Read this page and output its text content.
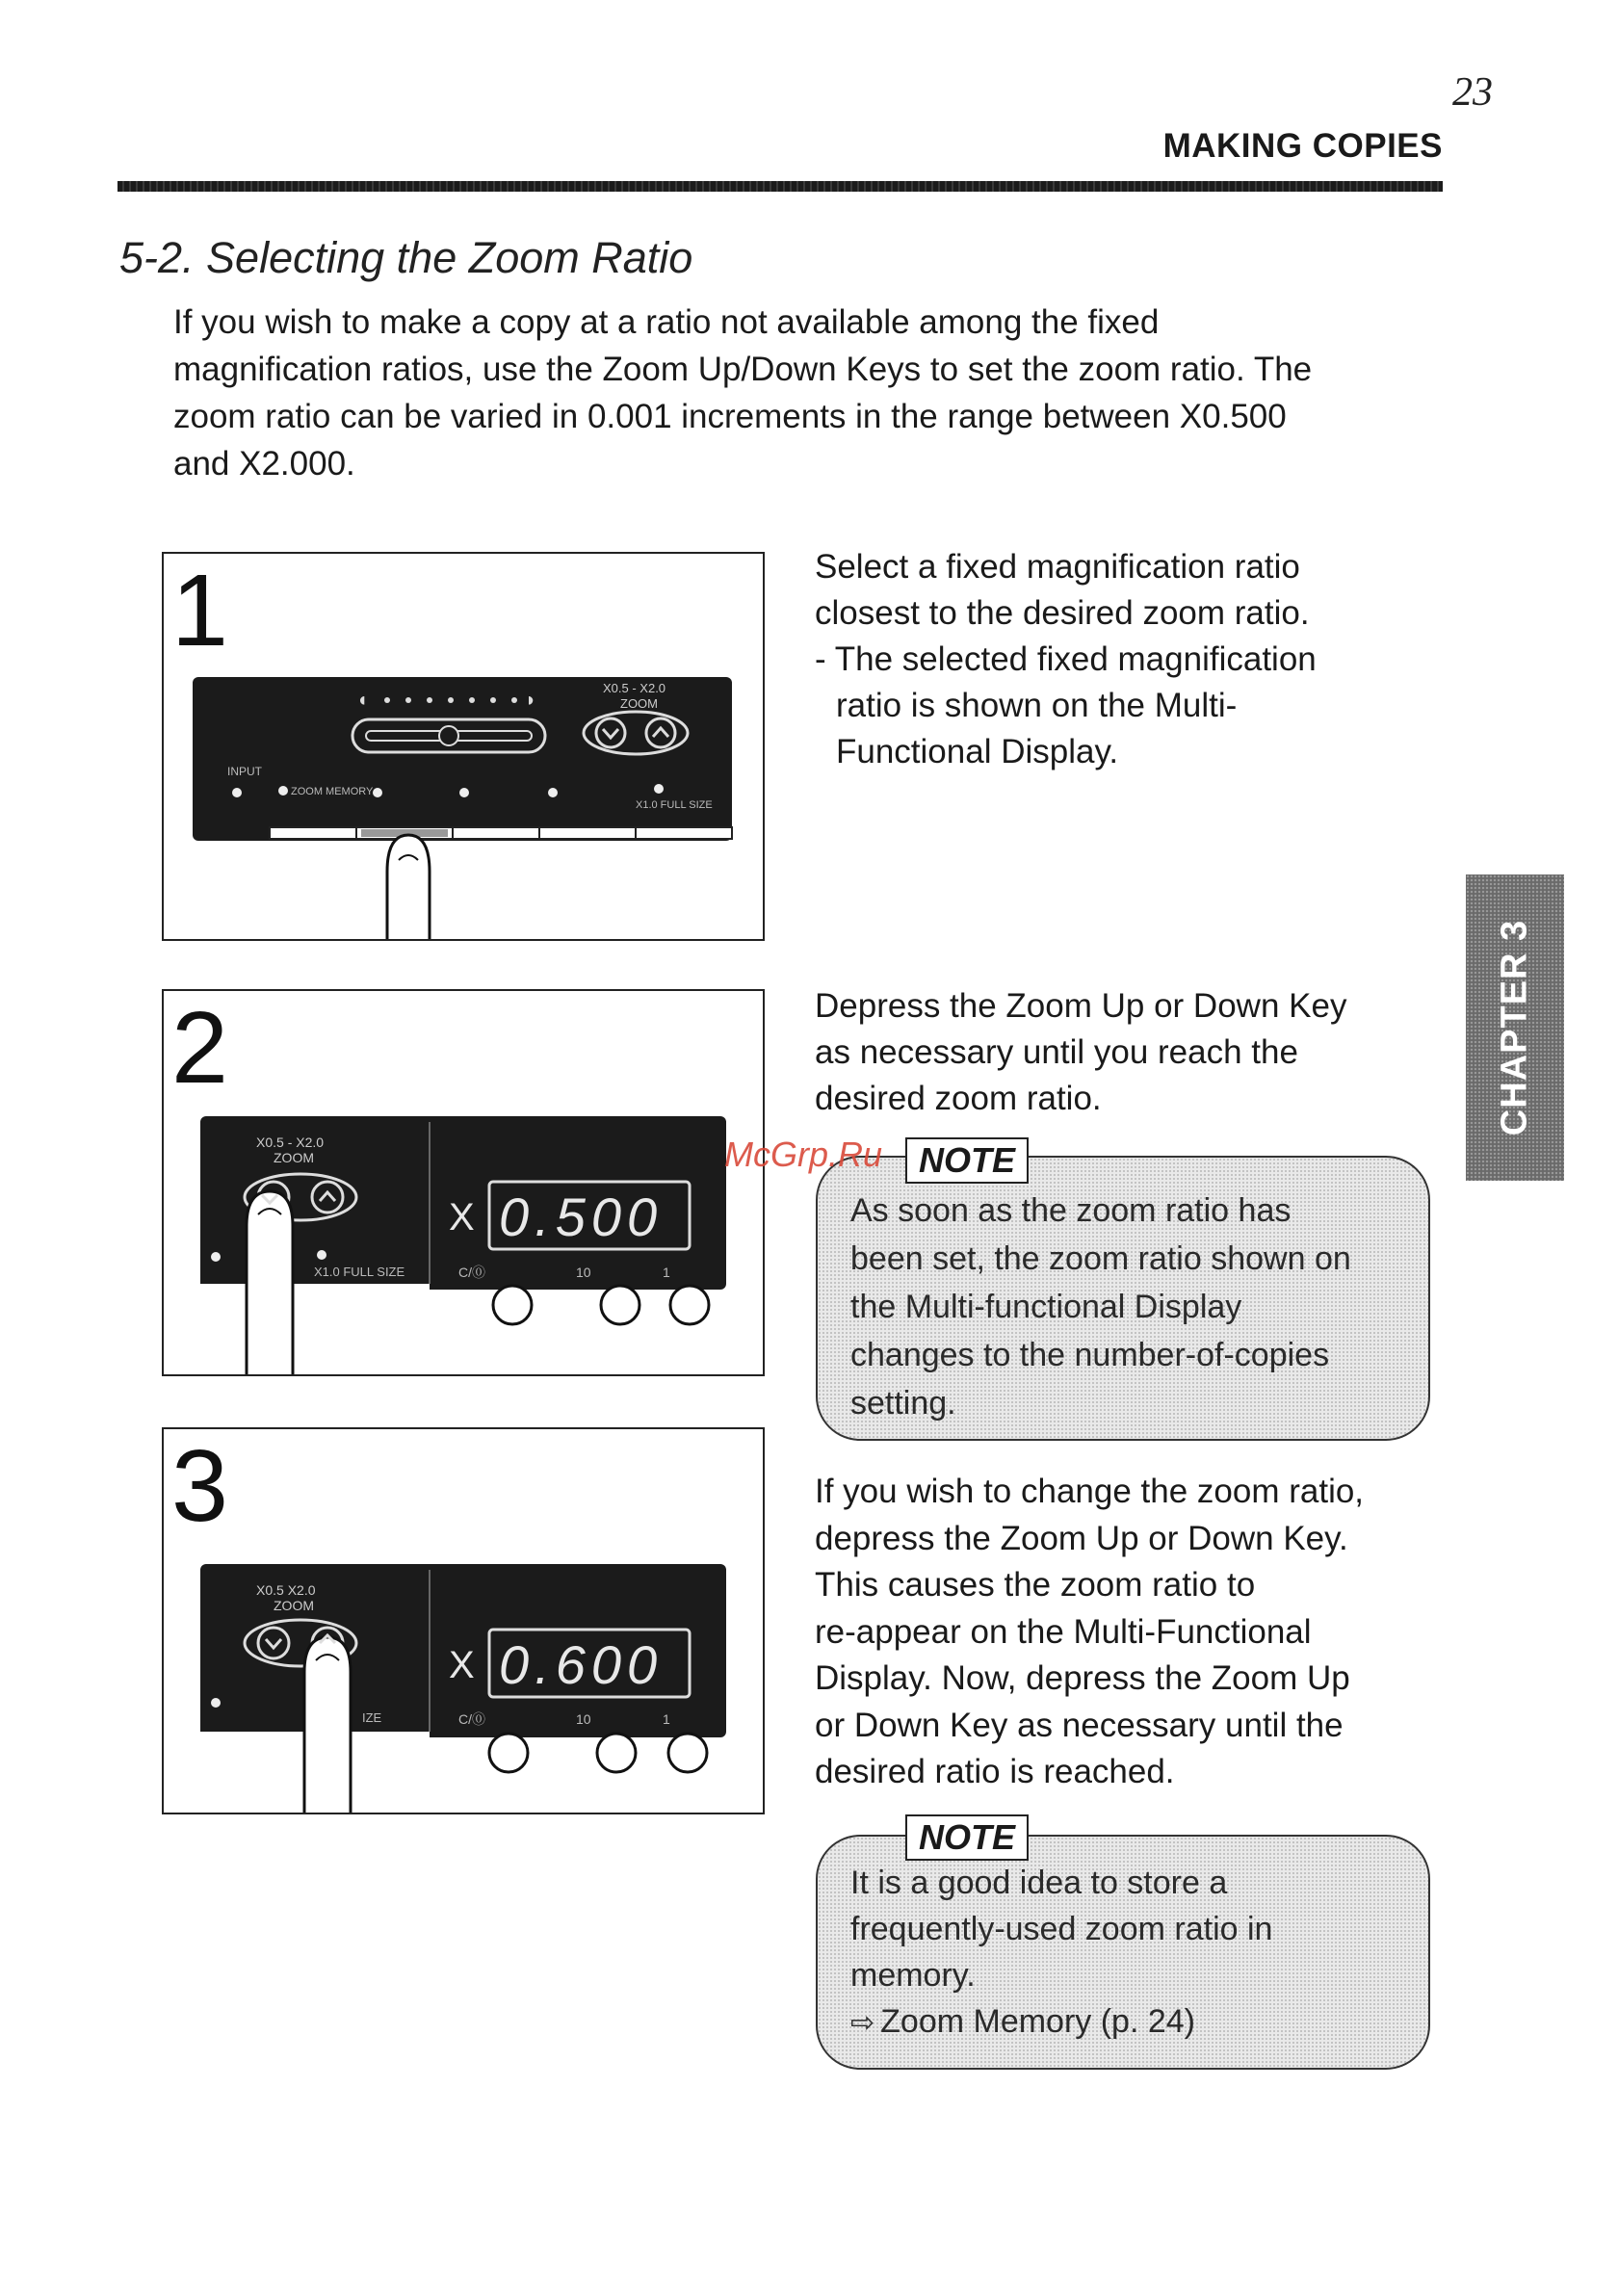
23
MAKING COPIES
5-2. Selecting the Zoom Ratio
If you wish to make a copy at a ratio not available among the fixed
magnification ratios, use the Zoom Up/Down Keys to set the zoom ratio. The
zoom ratio can be varied in 0.001 increments in the range between X0.500
and X2.000.
1
◖	◗
X0.5 - X2.0
ZOOM
INPUT
ZOOM MEMORY
X1.0 FULL SIZE
Select a fixed magnification ratio
closest to the desired zoom ratio.
- The selected fixed magnification
ratio is shown on the Multi-
Functional Display.
2
X0.5 - X2.0
ZOOM
X1.0 FULL SIZE
X 0.500
C/⓪	10	1
Depress the Zoom Up or Down Key
as necessary until you reach the
desired zoom ratio.
As soon as the zoom ratio has
been set, the zoom ratio shown on
the Multi-functional Display
changes to the number-of-copies
setting.
NOTE
3
X0.5 X2.0
ZOOM
IZE
X 0.600
C/⓪	10	1
If you wish to change the zoom ratio,
depress the Zoom Up or Down Key.
This causes the zoom ratio to
re-appear on the Multi-Functional
Display. Now, depress the Zoom Up
or Down Key as necessary until the
desired ratio is reached.
It is a good idea to store a
frequently-used zoom ratio in
memory.
⇨ Zoom Memory (p. 24)
NOTE
CHAPTER 3
McGrp.Ru
